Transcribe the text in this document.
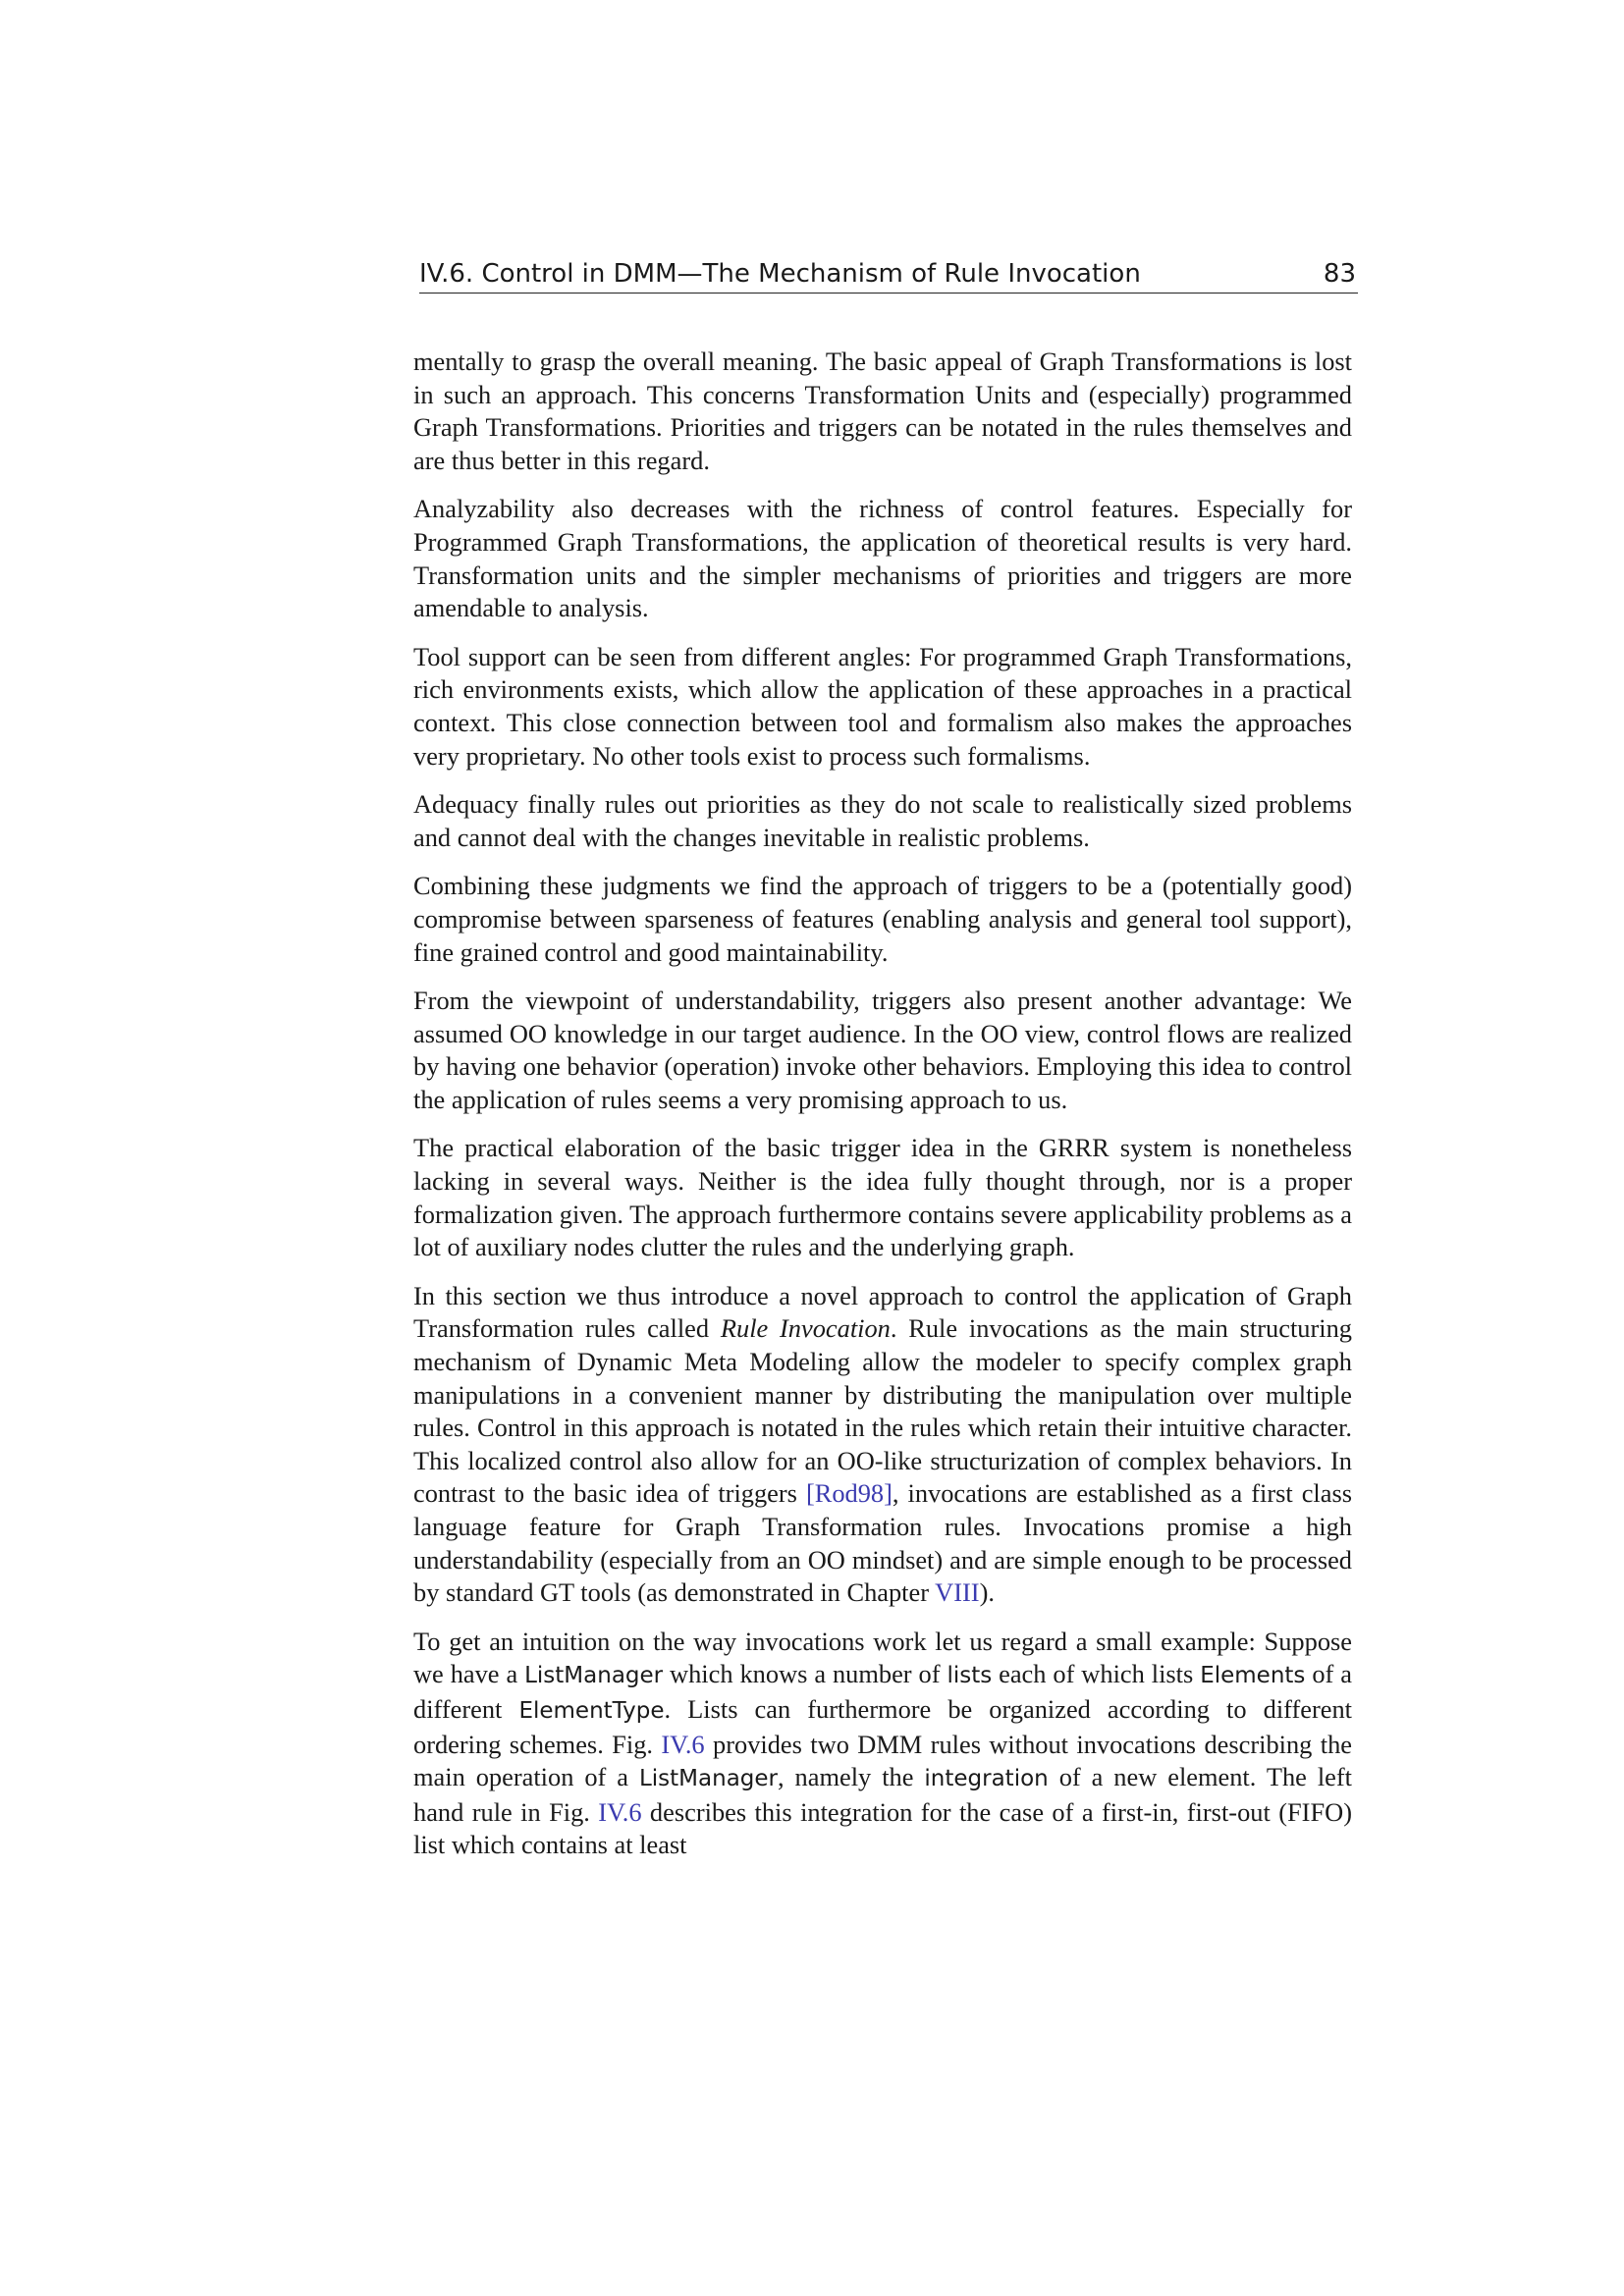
IV.6. Control in DMM—The Mechanism of Rule Invocation	83

mentally to grasp the overall meaning. The basic appeal of Graph Transformations is lost in such an approach. This concerns Transformation Units and (especially) programmed Graph Transformations. Priorities and triggers can be notated in the rules themselves and are thus better in this regard.

Analyzability also decreases with the richness of control features. Especially for Programmed Graph Transformations, the application of theoretical results is very hard. Transformation units and the simpler mechanisms of priorities and triggers are more amendable to analysis.

Tool support can be seen from different angles: For programmed Graph Transformations, rich environments exists, which allow the application of these approaches in a practical context. This close connection between tool and formalism also makes the approaches very proprietary. No other tools exist to process such formalisms.

Adequacy finally rules out priorities as they do not scale to realistically sized problems and cannot deal with the changes inevitable in realistic problems.

Combining these judgments we find the approach of triggers to be a (potentially good) compromise between sparseness of features (enabling analysis and general tool support), fine grained control and good maintainability.

From the viewpoint of understandability, triggers also present another advantage: We assumed OO knowledge in our target audience. In the OO view, control flows are realized by having one behavior (operation) invoke other behaviors. Employing this idea to control the application of rules seems a very promising approach to us.

The practical elaboration of the basic trigger idea in the GRRR system is nonetheless lacking in several ways. Neither is the idea fully thought through, nor is a proper formalization given. The approach furthermore contains severe applicability problems as a lot of auxiliary nodes clutter the rules and the underlying graph.

In this section we thus introduce a novel approach to control the application of Graph Transformation rules called Rule Invocation. Rule invocations as the main structuring mechanism of Dynamic Meta Modeling allow the modeler to specify complex graph manipulations in a convenient manner by distributing the manipulation over multiple rules. Control in this approach is notated in the rules which retain their intuitive character. This localized control also allow for an OO-like structurization of complex behaviors. In contrast to the basic idea of triggers [Rod98], invocations are established as a first class language feature for Graph Transformation rules. Invocations promise a high understandability (especially from an OO mindset) and are simple enough to be processed by standard GT tools (as demonstrated in Chapter VIII).

To get an intuition on the way invocations work let us regard a small example: Suppose we have a ListManager which knows a number of lists each of which lists Elements of a different ElementType. Lists can furthermore be organized according to different ordering schemes. Fig. IV.6 provides two DMM rules without invocations describing the main operation of a ListManager, namely the integration of a new element. The left hand rule in Fig. IV.6 describes this integration for the case of a first-in, first-out (FIFO) list which contains at least
